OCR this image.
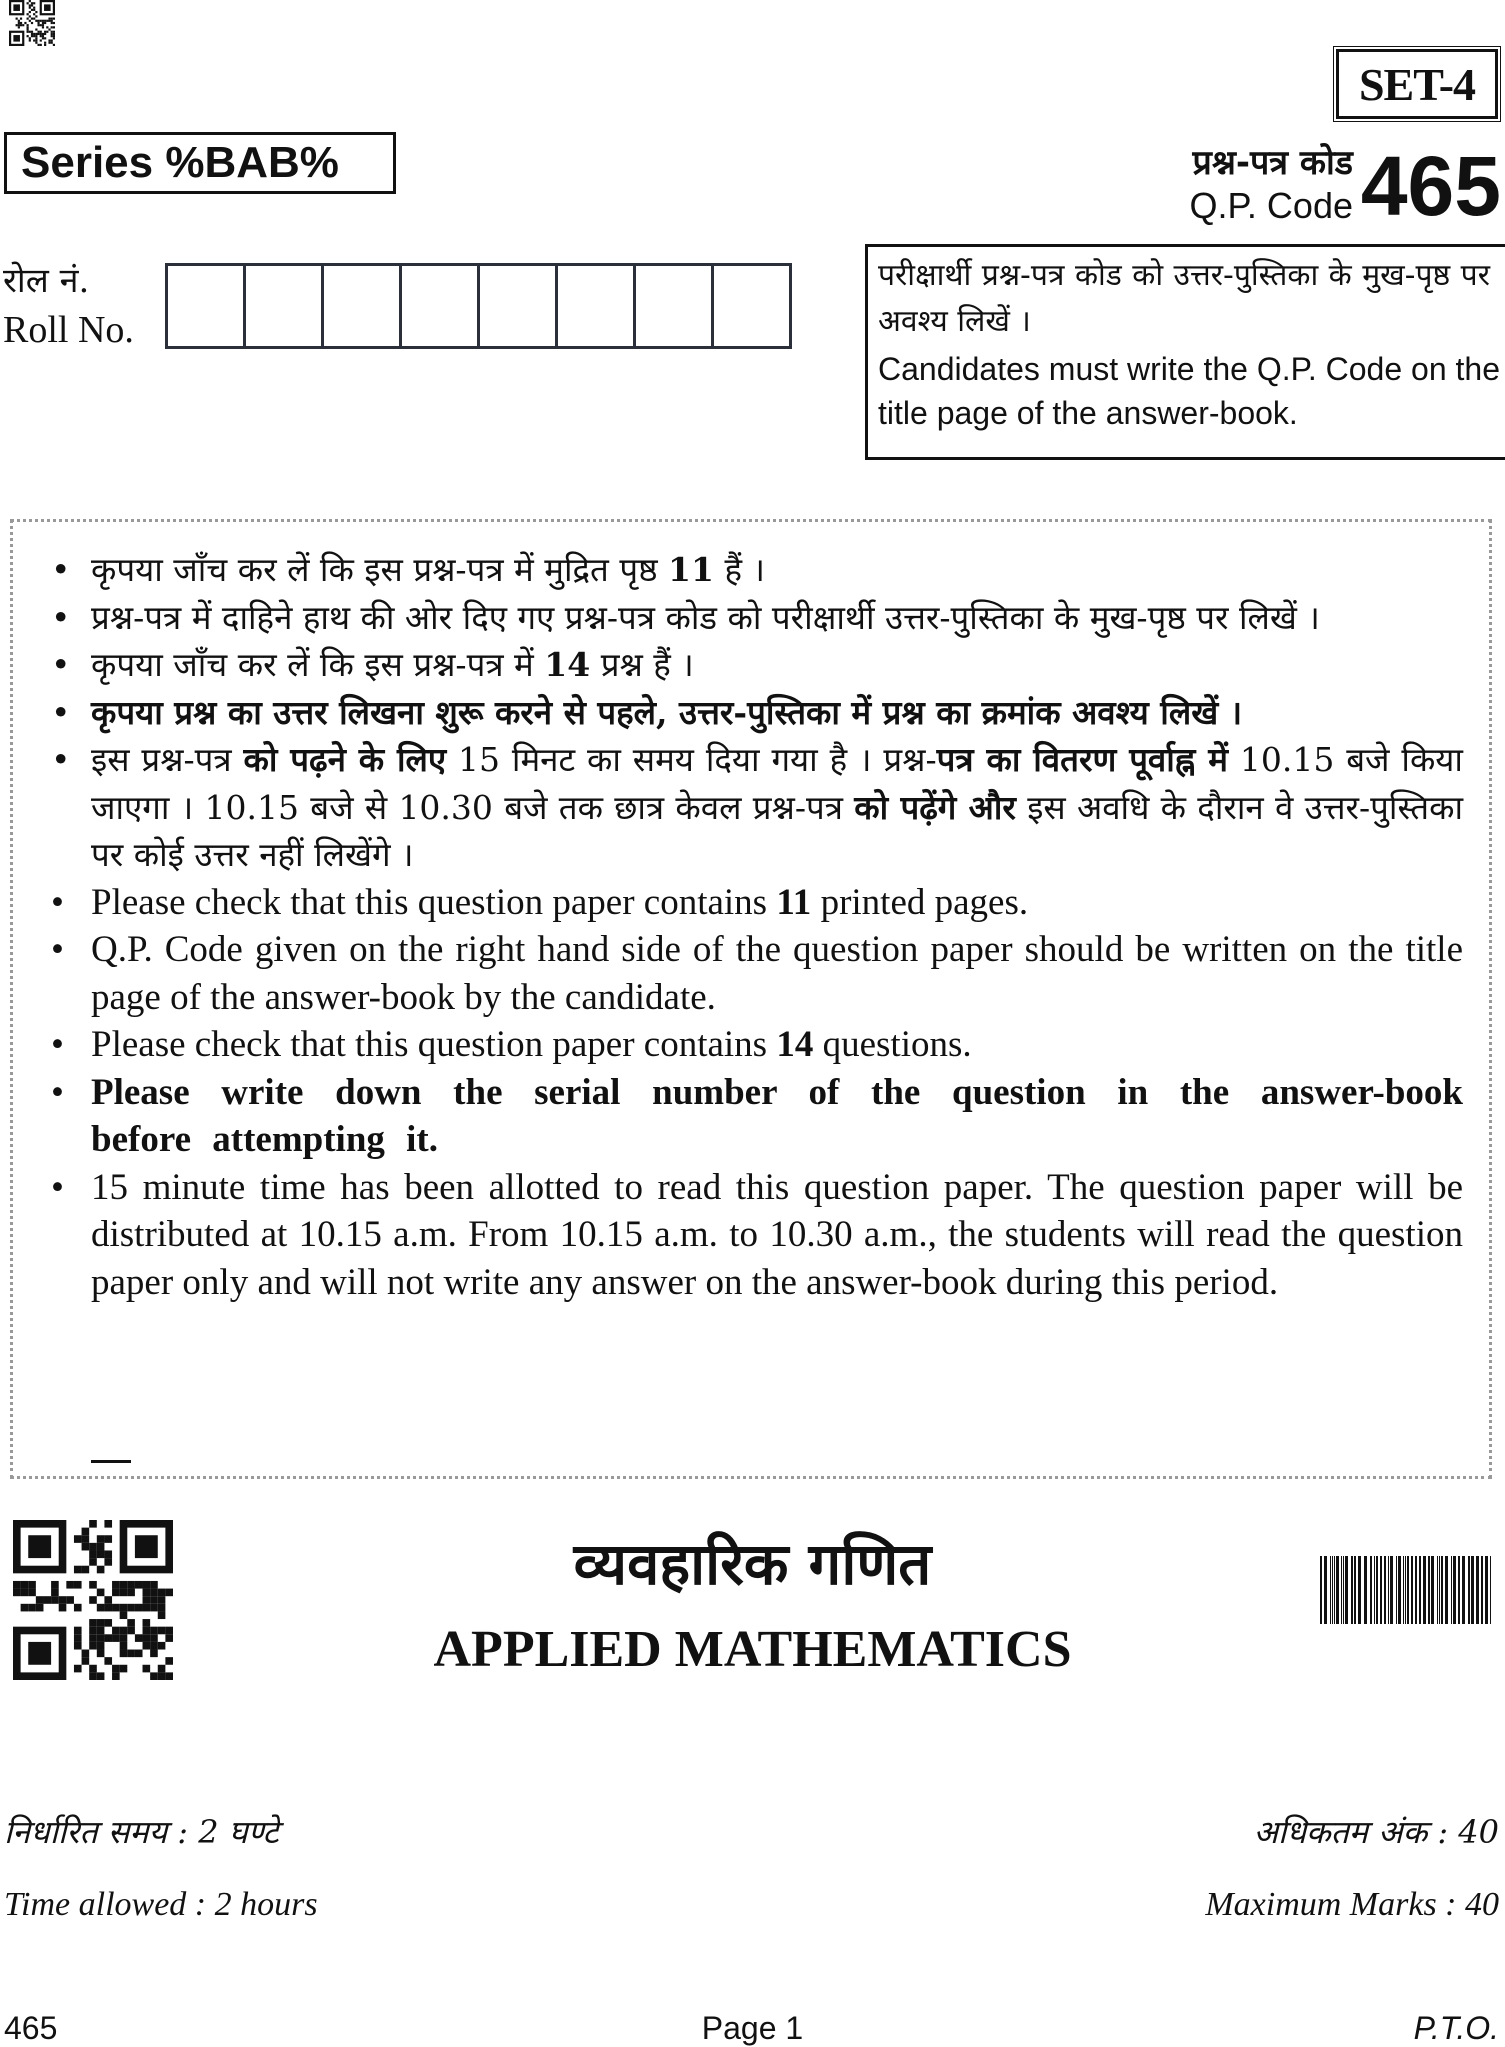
SET-4
Series %BAB%	प्रश्न-पत्र कोड
Q.P. Code 465
रोल नं.
Roll No.
परीक्षार्थी प्रश्न-पत्र कोड को उत्तर-पुस्तिका के मुख-पृष्ठ पर अवश्य लिखें ।
Candidates must write the Q.P. Code on the title page of the answer-book.
• कृपया जाँच कर लें कि इस प्रश्न-पत्र में मुद्रित पृष्ठ 11 हैं ।
• प्रश्न-पत्र में दाहिने हाथ की ओर दिए गए प्रश्न-पत्र कोड को परीक्षार्थी उत्तर-पुस्तिका के मुख-पृष्ठ पर लिखें ।
• कृपया जाँच कर लें कि इस प्रश्न-पत्र में 14 प्रश्न हैं ।
• कृपया प्रश्न का उत्तर लिखना शुरू करने से पहले, उत्तर-पुस्तिका में प्रश्न का क्रमांक अवश्य लिखें ।
• इस प्रश्न-पत्र को पढ़ने के लिए 15 मिनट का समय दिया गया है । प्रश्न-पत्र का वितरण पूर्वाह्न में 10.15 बजे किया जाएगा । 10.15 बजे से 10.30 बजे तक छात्र केवल प्रश्न-पत्र को पढ़ेंगे और इस अवधि के दौरान वे उत्तर-पुस्तिका पर कोई उत्तर नहीं लिखेंगे ।
• Please check that this question paper contains 11 printed pages.
• Q.P. Code given on the right hand side of the question paper should be written on the title page of the answer-book by the candidate.
• Please check that this question paper contains 14 questions.
• Please write down the serial number of the question in the answer-book before attempting it.
• 15 minute time has been allotted to read this question paper. The question paper will be distributed at 10.15 a.m. From 10.15 a.m. to 10.30 a.m., the students will read the question paper only and will not write any answer on the answer-book during this period.
व्यवहारिक गणित
APPLIED MATHEMATICS
निर्धारित समय : 2 घण्टे
Time allowed : 2 hours
अधिकतम अंक : 40
Maximum Marks : 40
465	Page 1	P.T.O.
